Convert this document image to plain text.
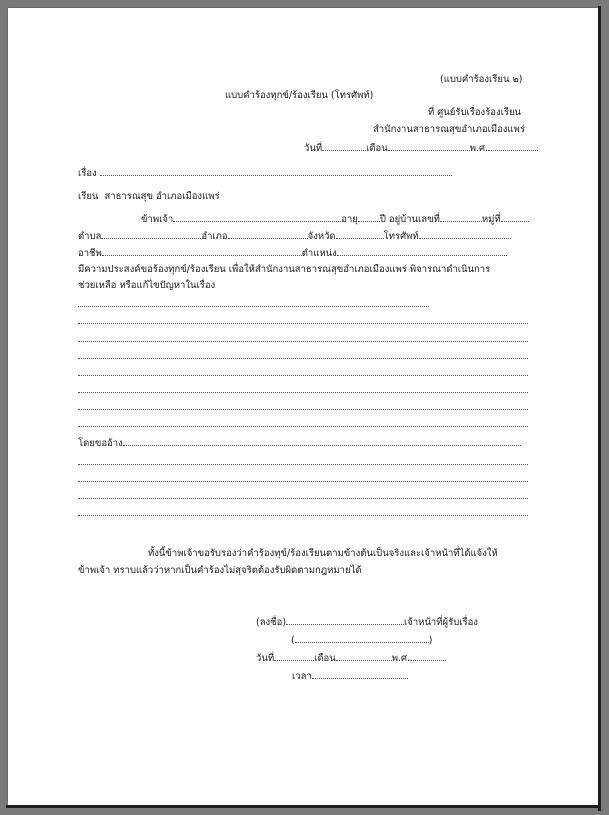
(แบบคำร้องเรียน ๒)
แบบคำร้องทุกข์/ร้องเรียน (โทรศัพท์)
ที่ ศูนย์รับเรื่องร้องเรียน
สำนักงานสาธารณสุขอำเภอเมืองแพร่
วันที่	เดือน	พ.ศ.
เรื่อง
เรียน สาธารณสุข อำเภอเมืองแพร่
ข้าพเจ้า	อายุ ปี อยู่บ้านเลขที่	หมู่ที่
ตำบล	อำเภอ	จังหวัด	โทรศัพท์
อาชีพ	ตำแหน่ง
มีความประสงค์ขอร้องทุกข์/ร้องเรียน เพื่อให้สำนักงานสาธารณสุขอำเภอเมืองแพร่ พิจารณาดำเนินการ
ช่วยเหลือ หรือแก้ไขปัญหาในเรื่อง
โดยขออ้าง
ทั้งนี้ข้าพเจ้าขอรับรองว่าคำร้องทุข์/ร้องเรียนตามข้างต้นเป็นจริงและเจ้าหน้าที่ได้แจ้งให้
ข้าพเจ้า ทราบแล้วว่าหากเป็นคำร้องไม่สุจริตต้องรับผิดตามกฎหมายได้
(ลงชื่อ)	เจ้าหน้าที่ผู้รับเรื่อง
(	)
วันที่	เดือน	พ.ศ.
เวลา
